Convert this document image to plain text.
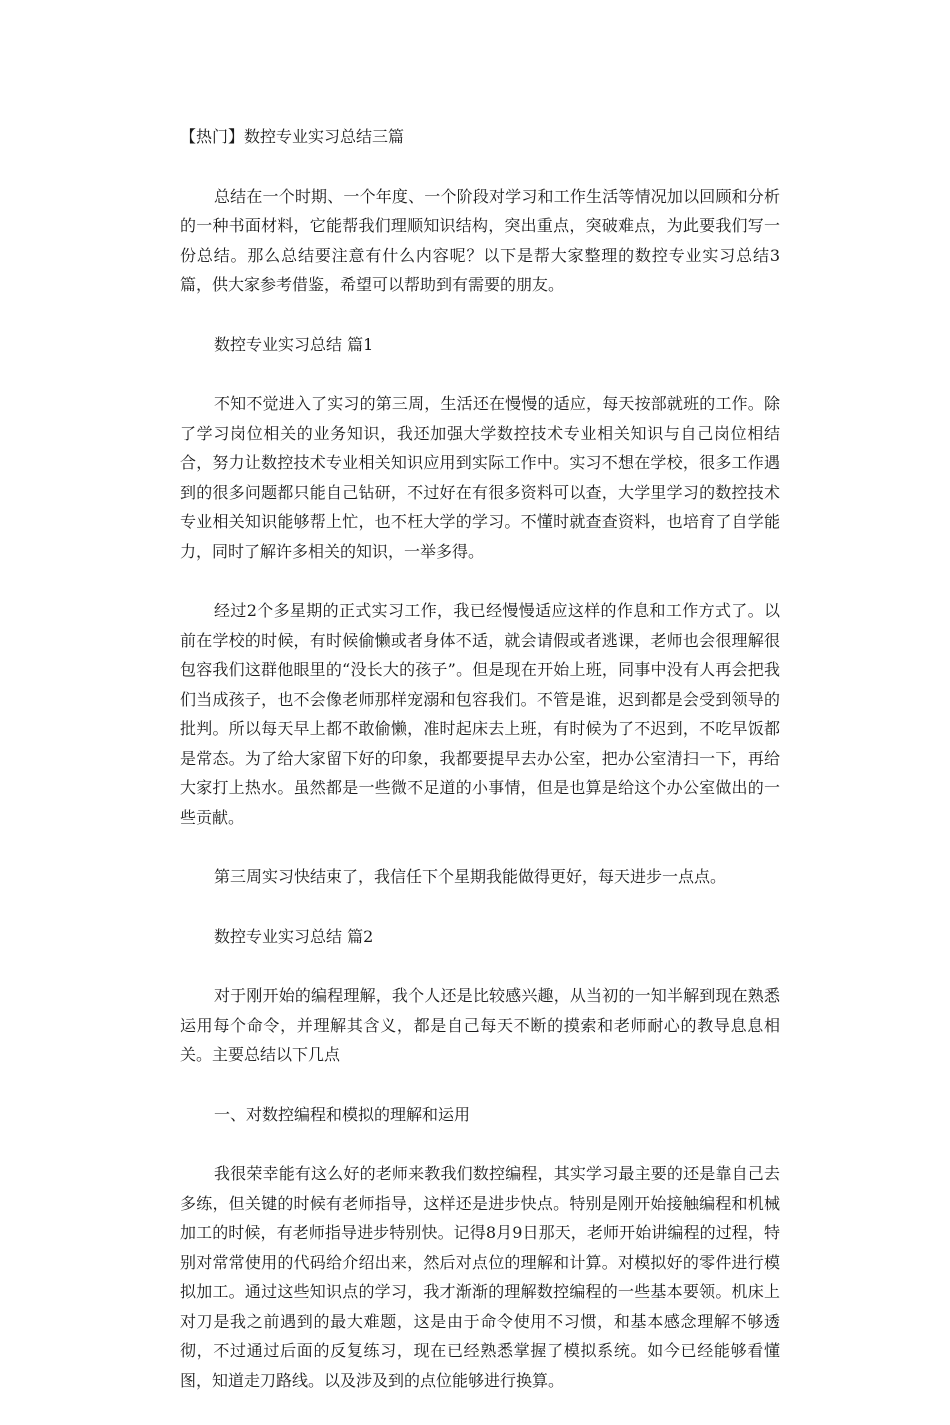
【热门】数控专业实习总结三篇

总结在一个时期、一个年度、一个阶段对学习和工作生活等情况加以回顾和分析的一种书面材料，它能帮我们理顺知识结构，突出重点，突破难点，为此要我们写一份总结。那么总结要注意有什么内容呢？以下是帮大家整理的数控专业实习总结3篇，供大家参考借鉴，希望可以帮助到有需要的朋友。

数控专业实习总结 篇1

不知不觉进入了实习的第三周，生活还在慢慢的适应，每天按部就班的工作。除了学习岗位相关的业务知识，我还加强大学数控技术专业相关知识与自己岗位相结合，努力让数控技术专业相关知识应用到实际工作中。实习不想在学校，很多工作遇到的很多问题都只能自己钻研，不过好在有很多资料可以查，大学里学习的数控技术专业相关知识能够帮上忙，也不枉大学的学习。不懂时就查查资料，也培育了自学能力，同时了解许多相关的知识，一举多得。

经过2个多星期的正式实习工作，我已经慢慢适应这样的作息和工作方式了。以前在学校的时候，有时候偷懒或者身体不适，就会请假或者逃课，老师也会很理解很包容我们这群他眼里的“没长大的孩子”。但是现在开始上班，同事中没有人再会把我们当成孩子，也不会像老师那样宠溺和包容我们。不管是谁，迟到都是会受到领导的批判。所以每天早上都不敢偷懒，准时起床去上班，有时候为了不迟到，不吃早饭都是常态。为了给大家留下好的印象，我都要提早去办公室，把办公室清扫一下，再给大家打上热水。虽然都是一些微不足道的小事情，但是也算是给这个办公室做出的一些贡献。

第三周实习快结束了，我信任下个星期我能做得更好，每天进步一点点。

数控专业实习总结 篇2

对于刚开始的编程理解，我个人还是比较感兴趣，从当初的一知半解到现在熟悉运用每个命令，并理解其含义，都是自己每天不断的摸索和老师耐心的教导息息相关。主要总结以下几点

一、对数控编程和模拟的理解和运用

我很荣幸能有这么好的老师来教我们数控编程，其实学习最主要的还是靠自己去多练，但关键的时候有老师指导，这样还是进步快点。特别是刚开始接触编程和机械加工的时候，有老师指导进步特别快。记得8月9日那天，老师开始讲编程的过程，特别对常常使用的代码给介绍出来，然后对点位的理解和计算。对模拟好的零件进行模拟加工。通过这些知识点的学习，我才渐渐的理解数控编程的一些基本要领。机床上对刀是我之前遇到的最大难题，这是由于命令使用不习惯，和基本感念理解不够透彻，不过通过后面的反复练习，现在已经熟悉掌握了模拟系统。如今已经能够看懂图，知道走刀路线。以及涉及到的点位能够进行换算。
